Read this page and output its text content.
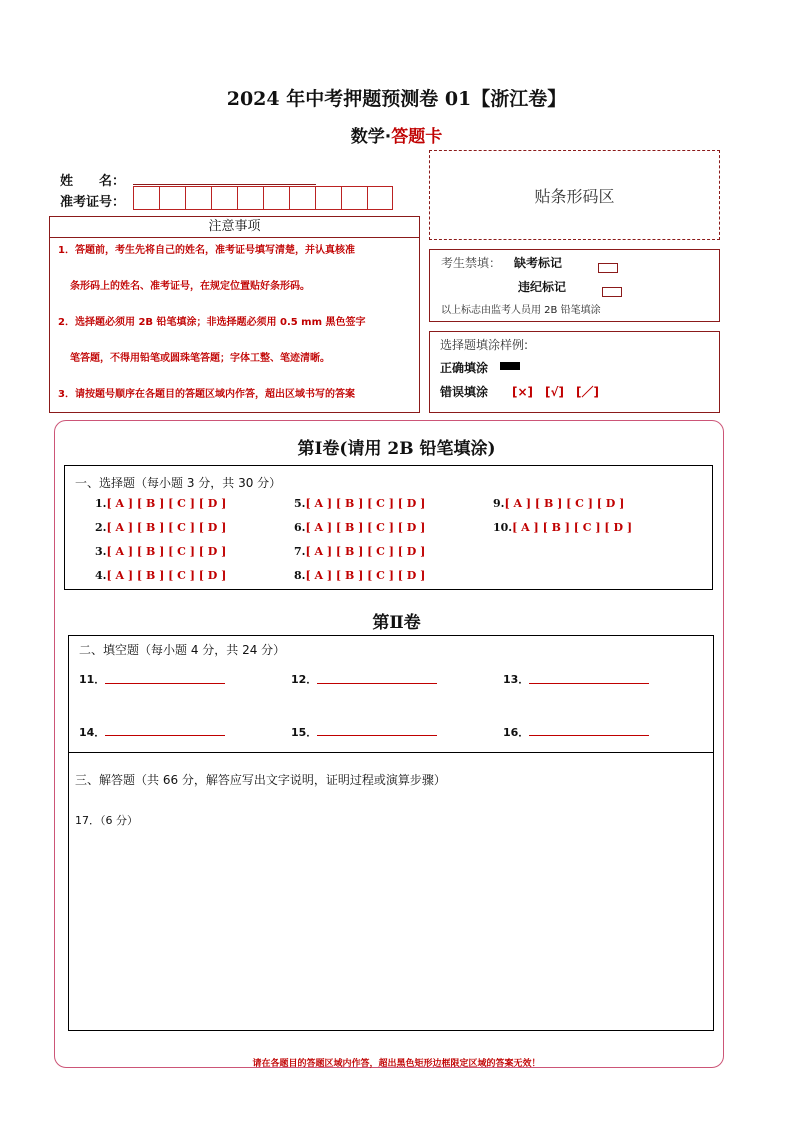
2024 年中考押题预测卷 01【浙江卷】
数学·答题卡
姓　　名：
准考证号：	贴条形码区
注意事项

1．答题前，考生先将自己的姓名，准考证号填写清楚，并认真核准

条形码上的姓名、准考证号，在规定位置贴好条形码。

2．选择题必须用 2B 铅笔填涂；非选择题必须用 0.5 mm 黑色签字

笔答题，不得用铅笔或圆珠笔答题；字体工整、笔迹清晰。

3．请按题号顺序在各题目的答题区域内作答，超出区域书写的答案

考生禁填： 缺考标记
违纪标记
以上标志由监考人员用 2B 铅笔填涂
选择题填涂样例:
正确填涂
错误填涂 [×]　[√]　[／]
第Ⅰ卷(请用 2B 铅笔填涂)
一、选择题（每小题 3 分，共 30 分）
1.[ A ] [ B ] [ C ] [ D ]
2.[ A ] [ B ] [ C ] [ D ]
3.[ A ] [ B ] [ C ] [ D ]
4.[ A ] [ B ] [ C ] [ D ]
5.[ A ] [ B ] [ C ] [ D ]
6.[ A ] [ B ] [ C ] [ D ]
7.[ A ] [ B ] [ C ] [ D ]
8.[ A ] [ B ] [ C ] [ D ]
9.[ A ] [ B ] [ C ] [ D ]
10.[ A ] [ B ] [ C ] [ D ]
第Ⅱ卷
二、填空题（每小题 4 分，共 24 分）
11．	12．	13．
14．	15．	16．
三、解答题（共 66 分，解答应写出文字说明，证明过程或演算步骤）
17．（6 分）
请在各题目的答题区域内作答，超出黑色矩形边框限定区域的答案无效！
